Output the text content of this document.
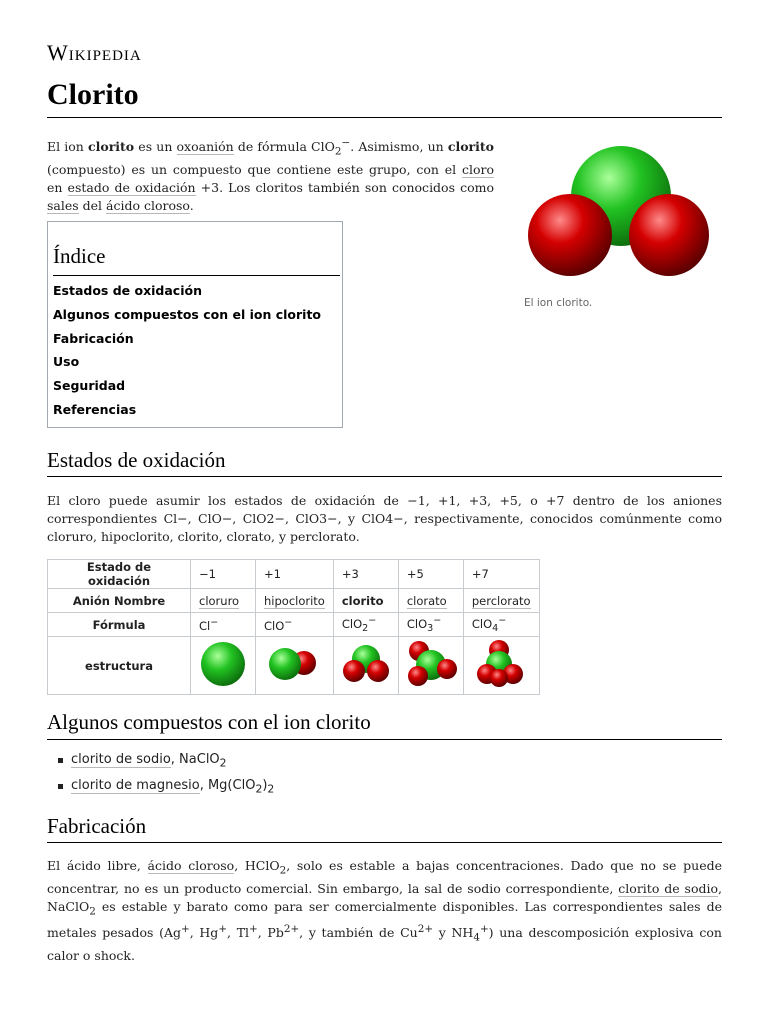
Wikipedia
Clorito
El ion clorito es un oxoanión de fórmula ClO$_2$−. Asimismo, un clorito (compuesto) es un compuesto que contiene este grupo, con el cloro en estado de oxidación +3. Los cloritos también son conocidos como sales del ácido cloroso.
El ion clorito.
Índice
Estados de oxidación
Algunos compuestos con el ion clorito
Fabricación
Uso
Seguridad
Referencias
Estados de oxidación

El cloro puede asumir los estados de oxidación de −1, +1, +3, +5, o +7 dentro de los aniones correspondientes Cl−, ClO−, ClO2−, ClO3−, y ClO4−, respectivamente, conocidos comúnmente como cloruro, hipoclorito, clorito, clorato, y perclorato.

Estado de oxidación	−1	+1	+3	+5	+7
Anión Nombre	cloruro	hipoclorito	clorito	clorato	perclorato
Fórmula	Cl−	ClO−	ClO$_2$−	ClO$_3$−	ClO$_4$−
estructura					
Algunos compuestos con el ion clorito
clorito de sodio, NaClO$_2$
clorito de magnesio, $Mg(ClO_2)_2$
Fabricación

El ácido libre, ácido cloroso, HClO$_2$, solo es estable a bajas concentraciones. Dado que no se puede concentrar, no es un producto comercial. Sin embargo, la sal de sodio correspondiente, clorito de sodio, NaClO$_2$ es estable y barato como para ser comercialmente disponibles. Las correspondientes sales de metales pesados (Ag+, Hg+, Tl+, $Pb^{2+}$, y también de $Cu^{2+}$ y $NH_4^+$) una descomposición explosiva con calor o shock.
